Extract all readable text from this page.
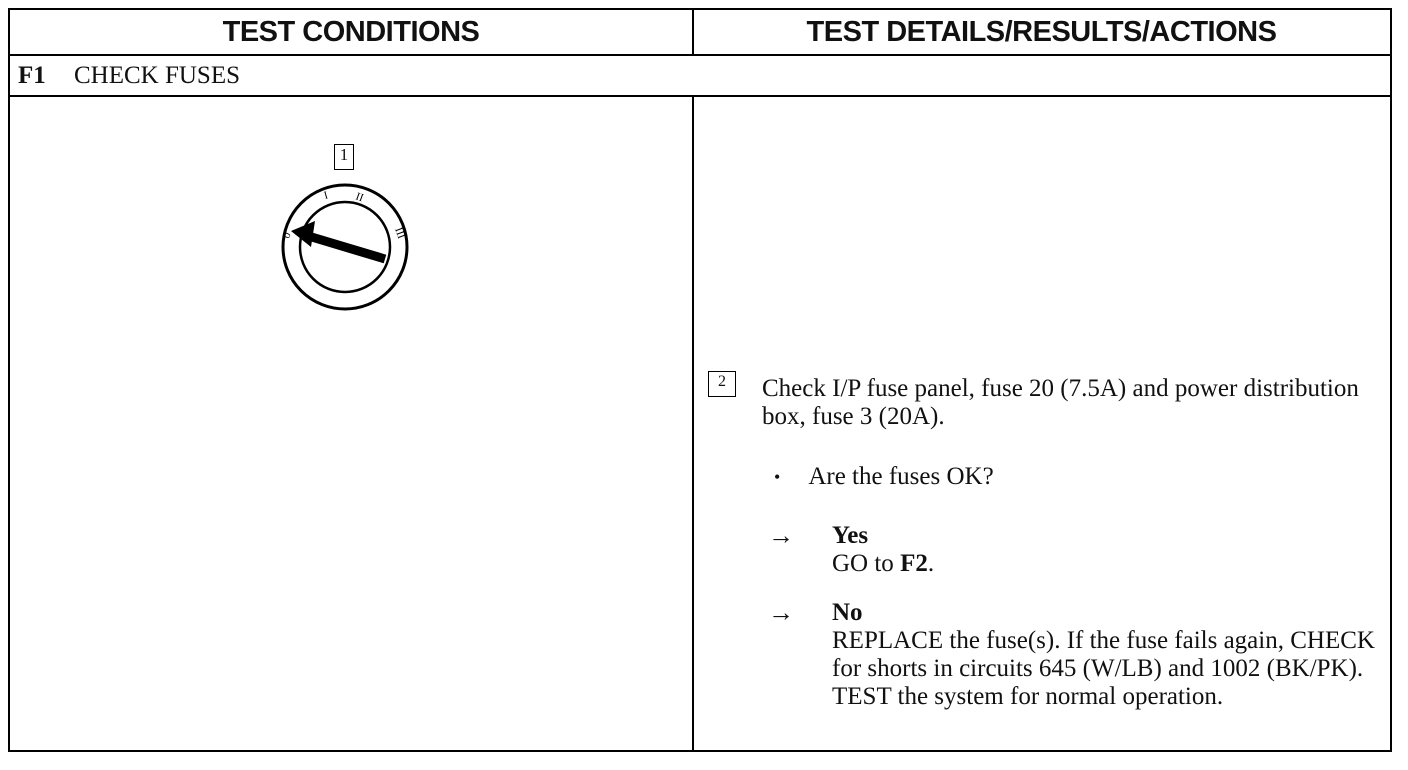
TEST CONDITIONS	TEST DETAILS/RESULTS/ACTIONS
F1	CHECK FUSES
1
0
I II
III
2	Check I/P fuse panel, fuse 20 (7.5A) and power distribution box, fuse 3 (20A).
• Are the fuses OK?
→	Yes
GO to F2.
→	No
REPLACE the fuse(s). If the fuse fails again, CHECK for shorts in circuits 645 (W/LB) and 1002 (BK/PK). TEST the system for normal operation.
